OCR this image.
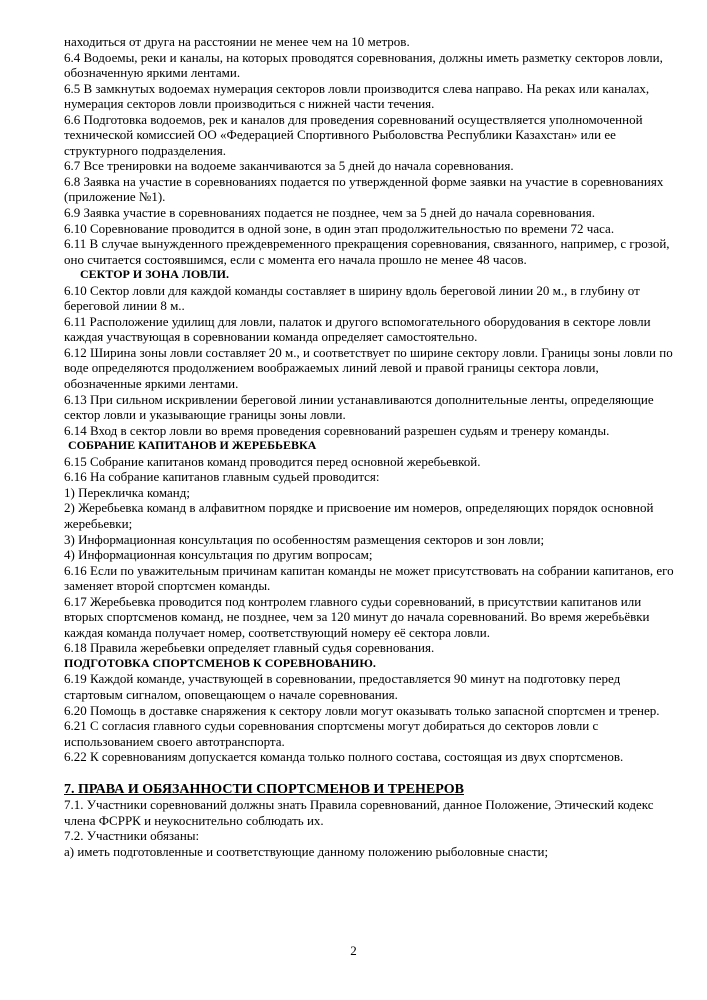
находиться от друга на расстоянии не менее чем на 10 метров.

6.4 Водоемы, реки и каналы, на которых проводятся соревнования, должны иметь разметку секторов ловли, обозначенную яркими лентами.

6.5 В замкнутых водоемах нумерация секторов ловли производится слева направо. На реках или каналах, нумерация секторов ловли производиться с нижней части течения.

6.6 Подготовка водоемов, рек и каналов для проведения соревнований осуществляется уполномоченной технической комиссией ОО «Федерацией Спортивного Рыболовства Республики Казахстан» или ее структурного подразделения.

6.7 Все тренировки на водоеме заканчиваются за 5 дней до начала соревнования.

6.8 Заявка на участие в соревнованиях подается по утвержденной форме заявки на участие в соревнованиях (приложение №1).

6.9 Заявка участие в соревнованиях подается не позднее, чем за 5 дней до начала соревнования.

6.10 Соревнование проводится в одной зоне, в один этап продолжительностью по времени 72 часа.

6.11 В случае вынужденного преждевременного прекращения соревнования, связанного, например, с грозой, оно считается состоявшимся, если с момента его начала прошло не менее 48 часов.

СЕКТОР И ЗОНА ЛОВЛИ.

6.10 Сектор ловли для каждой команды составляет в ширину вдоль береговой линии 20 м., в глубину от береговой линии 8 м..

6.11 Расположение удилищ для ловли, палаток и другого вспомогательного оборудования в секторе ловли каждая участвующая в соревновании команда определяет самостоятельно.

6.12 Ширина зоны ловли составляет 20 м., и соответствует по ширине сектору ловли. Границы зоны ловли по воде определяются продолжением воображаемых линий левой и правой границы сектора ловли, обозначенные яркими лентами.

6.13 При сильном искривлении береговой линии устанавливаются дополнительные ленты, определяющие сектор ловли и указывающие границы зоны ловли.

6.14 Вход в сектор ловли во время проведения соревнований разрешен судьям и тренеру команды.

СОБРАНИЕ КАПИТАНОВ И ЖЕРЕБЬЕВКА

6.15 Собрание капитанов команд проводится перед основной жеребьевкой.

6.16 На собрание капитанов главным судьей проводится:

1) Перекличка команд;

2) Жеребьевка команд в алфавитном порядке и присвоение им номеров, определяющих порядок основной жеребьевки;

3) Информационная консультация по особенностям размещения секторов и зон ловли;

4) Информационная консультация по другим вопросам;

6.16 Если по уважительным причинам капитан команды не может присутствовать на собрании капитанов, его заменяет второй спортсмен команды.

6.17 Жеребьевка проводится под контролем главного судьи соревнований, в присутствии капитанов или вторых спортсменов команд, не позднее, чем за 120 минут до начала соревнований. Во время жеребьёвки каждая команда получает номер, соответствующий номеру её сектора ловли.

6.18 Правила жеребьевки определяет главный судья соревнования.

ПОДГОТОВКА СПОРТСМЕНОВ К СОРЕВНОВАНИЮ.

6.19 Каждой команде, участвующей в соревновании, предоставляется 90 минут на подготовку перед стартовым сигналом, оповещающем о начале соревнования.

6.20 Помощь в доставке снаряжения к сектору ловли могут оказывать только запасной спортсмен и тренер.

6.21 С согласия главного судьи соревнования спортсмены могут добираться до секторов ловли с использованием своего автотранспорта.

6.22 К соревнованиям допускается команда только полного состава, состоящая из двух спортсменов.

7. ПРАВА И ОБЯЗАННОСТИ СПОРТСМЕНОВ И ТРЕНЕРОВ

7.1. Участники соревнований должны знать Правила соревнований, данное Положение, Этический кодекс члена ФСРРК и неукоснительно соблюдать их.

7.2. Участники обязаны:

а) иметь подготовленные и соответствующие данному положению рыболовные снасти;

2
